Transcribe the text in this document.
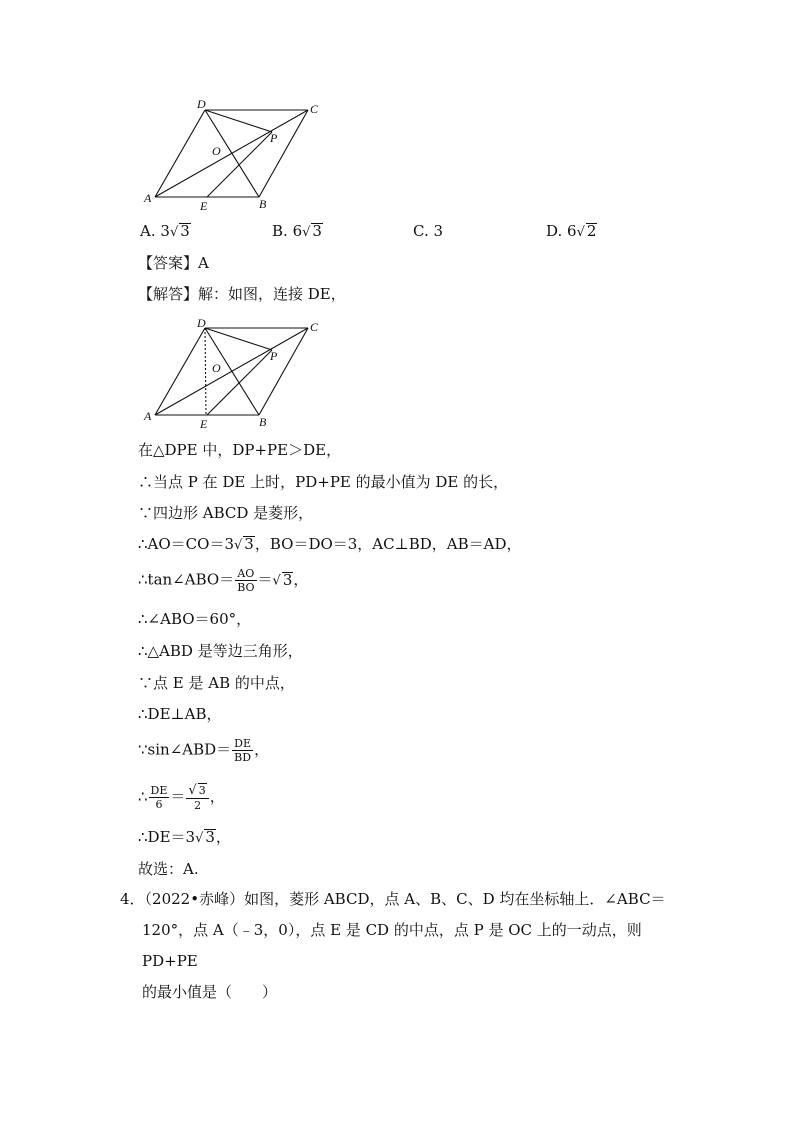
D	C
O
P
A
E	B
A. 3√ 3	B. 6√ 3	C. 3	D. 6√ 2
【答案】A
【解答】解：如图，连接 DE，
D	C
O
P
A
E	B
在△DPE 中，DP+PE＞DE，
∴当点 P 在 DE 上时，PD+PE 的最小值为 DE 的长，
∵四边形 ABCD 是菱形，
∴AO＝CO＝3√ 3，BO＝DO＝3，AC⊥BD，AB＝AD，
∴tan∠ABO＝ $\frac{AO}{BO}$ ＝√ 3，
∴∠ABO＝60°，
∴△ABD 是等边三角形，
∵点 E 是 AB 的中点，
∴DE⊥AB，
∵sin∠ABD＝ $\frac{DE}{BD}$ ，
∴ $\frac{DE}{6} = \frac{√ 3}{2}$ ，
∴DE＝3√ 3，
故选：A.

4．（2022•赤峰）如图，菱形 ABCD，点 A、B、C、D 均在坐标轴上．∠ABC＝

120°，点 A（﹣3，0），点 E 是 CD 的中点，点 P 是 OC 上的一动点，则 PD+PE

的最小值是（　　）
